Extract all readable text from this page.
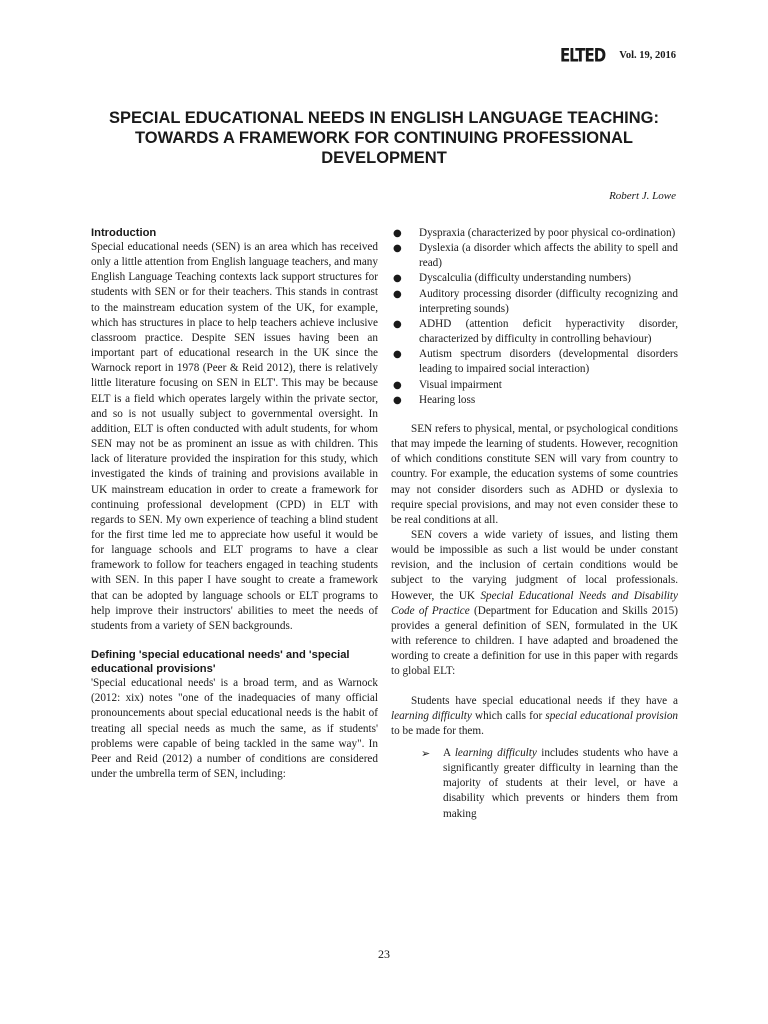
ELTED Vol. 19, 2016
SPECIAL EDUCATIONAL NEEDS IN ENGLISH LANGUAGE TEACHING: TOWARDS A FRAMEWORK FOR CONTINUING PROFESSIONAL DEVELOPMENT
Robert J. Lowe
Introduction

Special educational needs (SEN) is an area which has received only a little attention from English language teachers, and many English Language Teaching contexts lack support structures for students with SEN or for their teachers. This stands in contrast to the mainstream education system of the UK, for example, which has structures in place to help teachers achieve inclusive classroom practice. Despite SEN issues having been an important part of educational research in the UK since the Warnock report in 1978 (Peer & Reid 2012), there is relatively little literature focusing on SEN in ELT'. This may be because ELT is a field which operates largely within the private sector, and so is not usually subject to governmental oversight. In addition, ELT is often conducted with adult students, for whom SEN may not be as prominent an issue as with children. This lack of literature provided the inspiration for this study, which investigated the kinds of training and provisions available in UK mainstream education in order to create a framework for continuing professional development (CPD) in ELT with regards to SEN. My own experience of teaching a blind student for the first time led me to appreciate how useful it would be for language schools and ELT programs to have a clear framework to follow for teachers engaged in teaching students with SEN. In this paper I have sought to create a framework that can be adopted by language schools or ELT programs to help improve their instructors' abilities to meet the needs of students from a variety of SEN backgrounds.

Defining 'special educational needs' and 'special educational provisions'

'Special educational needs' is a broad term, and as Warnock (2012: xix) notes "one of the inadequacies of many official pronouncements about special educational needs is the habit of treating all special needs as much the same, as if students' problems were capable of being tackled in the same way". In Peer and Reid (2012) a number of conditions are considered under the umbrella term of SEN, including:

● Dyspraxia (characterized by poor physical co-ordination)
● Dyslexia (a disorder which affects the ability to spell and read)
● Dyscalculia (difficulty understanding numbers)
● Auditory processing disorder (difficulty recognizing and interpreting sounds)
● ADHD (attention deficit hyperactivity disorder, characterized by difficulty in controlling behaviour)
● Autism spectrum disorders (developmental disorders leading to impaired social interaction)
● Visual impairment
● Hearing loss

SEN refers to physical, mental, or psychological conditions that may impede the learning of students. However, recognition of which conditions constitute SEN will vary from country to country. For example, the education systems of some countries may not consider disorders such as ADHD or dyslexia to require special provisions, and may not even consider these to be real conditions at all.

SEN covers a wide variety of issues, and listing them would be impossible as such a list would be under constant revision, and the inclusion of certain conditions would be subject to the varying judgment of local professionals. However, the UK Special Educational Needs and Disability Code of Practice (Department for Education and Skills 2015) provides a general definition of SEN, formulated in the UK with reference to children. I have adapted and broadened the wording to create a definition for use in this paper with regards to global ELT:

Students have special educational needs if they have a learning difficulty which calls for special educational provision to be made for them.

➢ A learning difficulty includes students who have a significantly greater difficulty in learning than the majority of students at their level, or have a disability which prevents or hinders them from making
23
